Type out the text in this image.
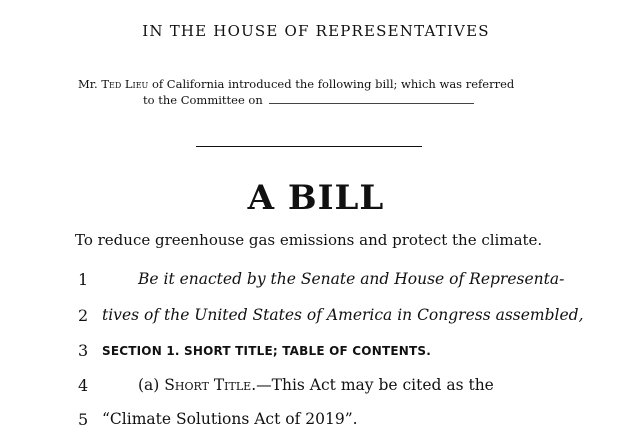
IN THE HOUSE OF REPRESENTATIVES
Mr. Ted Lieu of California introduced the following bill; which was referred
to the Committee on
A BILL
To reduce greenhouse gas emissions and protect the climate.
1	Be it enacted by the Senate and House of Representa-
2 tives of the United States of America in Congress assembled,
3	SECTION 1. SHORT TITLE; TABLE OF CONTENTS.
4	(a) Short Title.—This Act may be cited as the
5 “Climate Solutions Act of 2019”.
